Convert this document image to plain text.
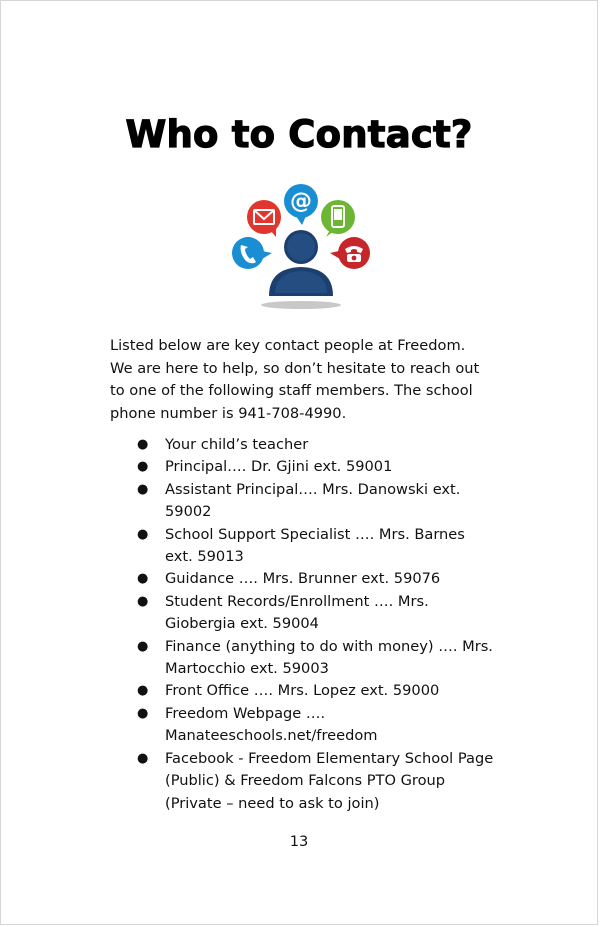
Who to Contact?
@

Listed below are key contact people at Freedom. We are here to help, so don’t hesitate to reach out to one of the following staff members. The school phone number is 941-708-4990.

● Your child’s teacher
● Principal…. Dr. Gjini ext. 59001
● Assistant Principal…. Mrs. Danowski ext. 59002
● School Support Specialist …. Mrs. Barnes ext. 59013
● Guidance …. Mrs. Brunner ext. 59076
● Student Records/Enrollment …. Mrs. Giobergia ext. 59004
● Finance (anything to do with money) …. Mrs. Martocchio ext. 59003
● Front Office …. Mrs. Lopez ext. 59000
● Freedom Webpage …. Manateeschools.net/freedom
● Facebook - Freedom Elementary School Page (Public) & Freedom Falcons PTO Group (Private – need to ask to join)
13
